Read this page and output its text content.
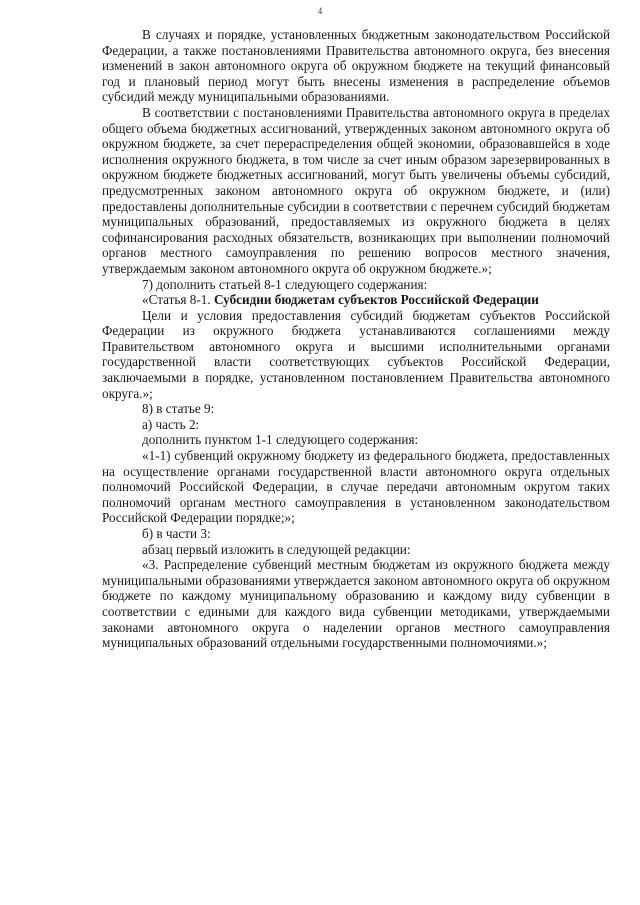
4

В случаях и порядке, установленных бюджетным законодательством Российской Федерации, а также постановлениями Правительства автономного округа, без внесения изменений в закон автономного округа об окружном бюджете на текущий финансовый год и плановый период могут быть внесены изменения в распределение объемов субсидий между муниципальными образованиями.

В соответствии с постановлениями Правительства автономного округа в пределах общего объема бюджетных ассигнований, утвержденных законом автономного округа об окружном бюджете, за счет перераспределения общей экономии, образовавшейся в ходе исполнения окружного бюджета, в том числе за счет иным образом зарезервированных в окружном бюджете бюджетных ассигнований, могут быть увеличены объемы субсидий, предусмотренных законом автономного округа об окружном бюджете, и (или) предоставлены дополнительные субсидии в соответствии с перечнем субсидий бюджетам муниципальных образований, предоставляемых из окружного бюджета в целях софинансирования расходных обязательств, возникающих при выполнении полномочий органов местного самоуправления по решению вопросов местного значения, утверждаемым законом автономного округа об окружном бюджете.»;

7) дополнить статьей 8-1 следующего содержания:

«Статья 8-1. Субсидии бюджетам субъектов Российской Федерации

Цели и условия предоставления субсидий бюджетам субъектов Российской Федерации из окружного бюджета устанавливаются соглашениями между Правительством автономного округа и высшими исполнительными органами государственной власти соответствующих субъектов Российской Федерации, заключаемыми в порядке, установленном постановлением Правительства автономного округа.»;

8) в статье 9:

а) часть 2:

дополнить пунктом 1-1 следующего содержания:

«1-1) субвенций окружному бюджету из федерального бюджета, предоставленных на осуществление органами государственной власти автономного округа отдельных полномочий Российской Федерации, в случае передачи автономным округом таких полномочий органам местного самоуправления в установленном законодательством Российской Федерации порядке;»;

б) в части 3:

абзац первый изложить в следующей редакции:

«3. Распределение субвенций местным бюджетам из окружного бюджета между муниципальными образованиями утверждается законом автономного округа об окружном бюджете по каждому муниципальному образованию и каждому виду субвенции в соответствии с едиными для каждого вида субвенции методиками, утверждаемыми законами автономного округа о наделении органов местного самоуправления муниципальных образований отдельными государственными полномочиями.»;
